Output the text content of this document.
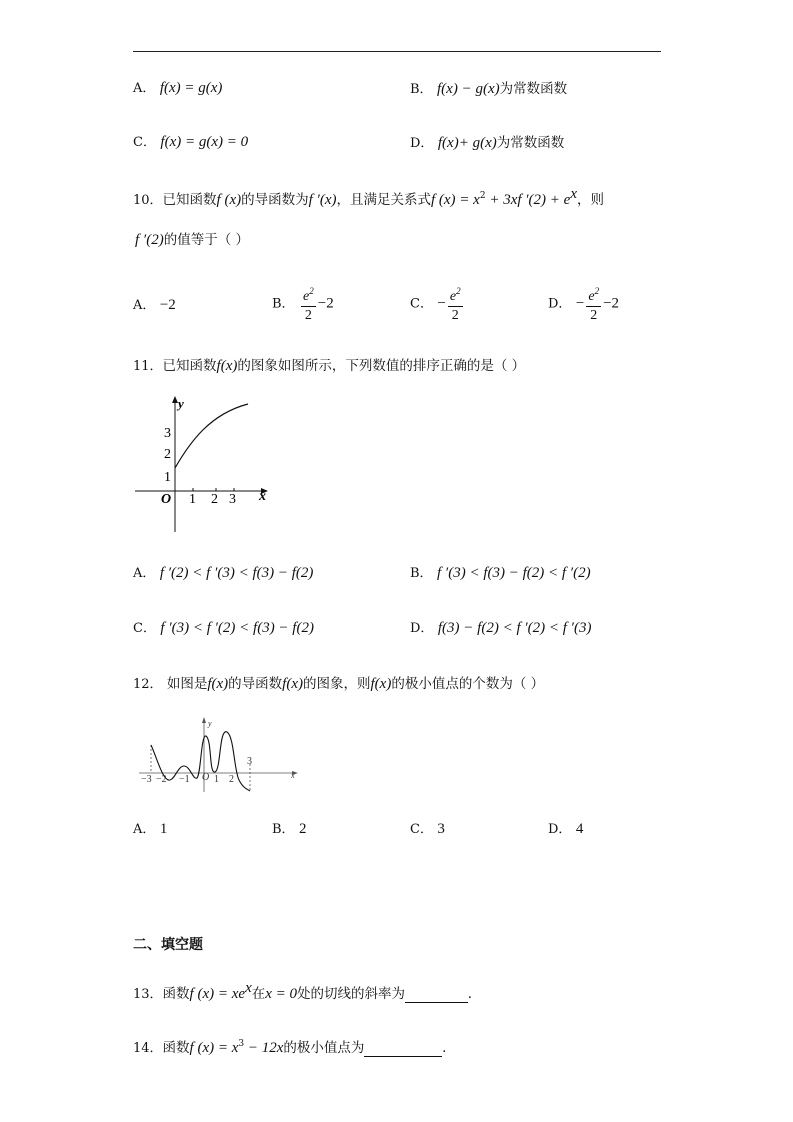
A． f(x) = g(x)	B． f(x) − g(x)为常数函数
C． f(x) = g(x) = 0	D． f(x)+ g(x)为常数函数
10．已知函数f (x)的导函数为f ′(x)，且满足关系式f $(x) = x^2 + 3xf$ $'(2) + e^x$，则
f ′(2)的值等于（ ）
A． −2	B． $\frac{e^2}{2} -2$	C． − $\frac{e^2}{2}$	D． − $\frac{e^2}{2} -2$
11．已知函数f(x)的图象如图所示，下列数值的排序正确的是（ ）
y
x
O
1
2
3
1 2 3
A． f ′(2) < f ′(3) < f(3) − f(2)	B． f ′(3) < f(3) − f(2) < f ′(2)
C． f ′(3) < f ′(2) < f(3) − f(2)	D． f(3) − f(2) < f ′(2) < f ′(3)
12． 如图是f(x)的导函数f(x)的图象，则f(x)的极小值点的个数为（ ）
y
x
O
−3 −2 −1 1 2
3
A． 1	B． 2	C． 3	D． 4
二、填空题
13．函数f $(x) = xe^x$在x = 0处的切线的斜率为	.
14．函数f $(x) = x^3 - 12x$的极小值点为	.
